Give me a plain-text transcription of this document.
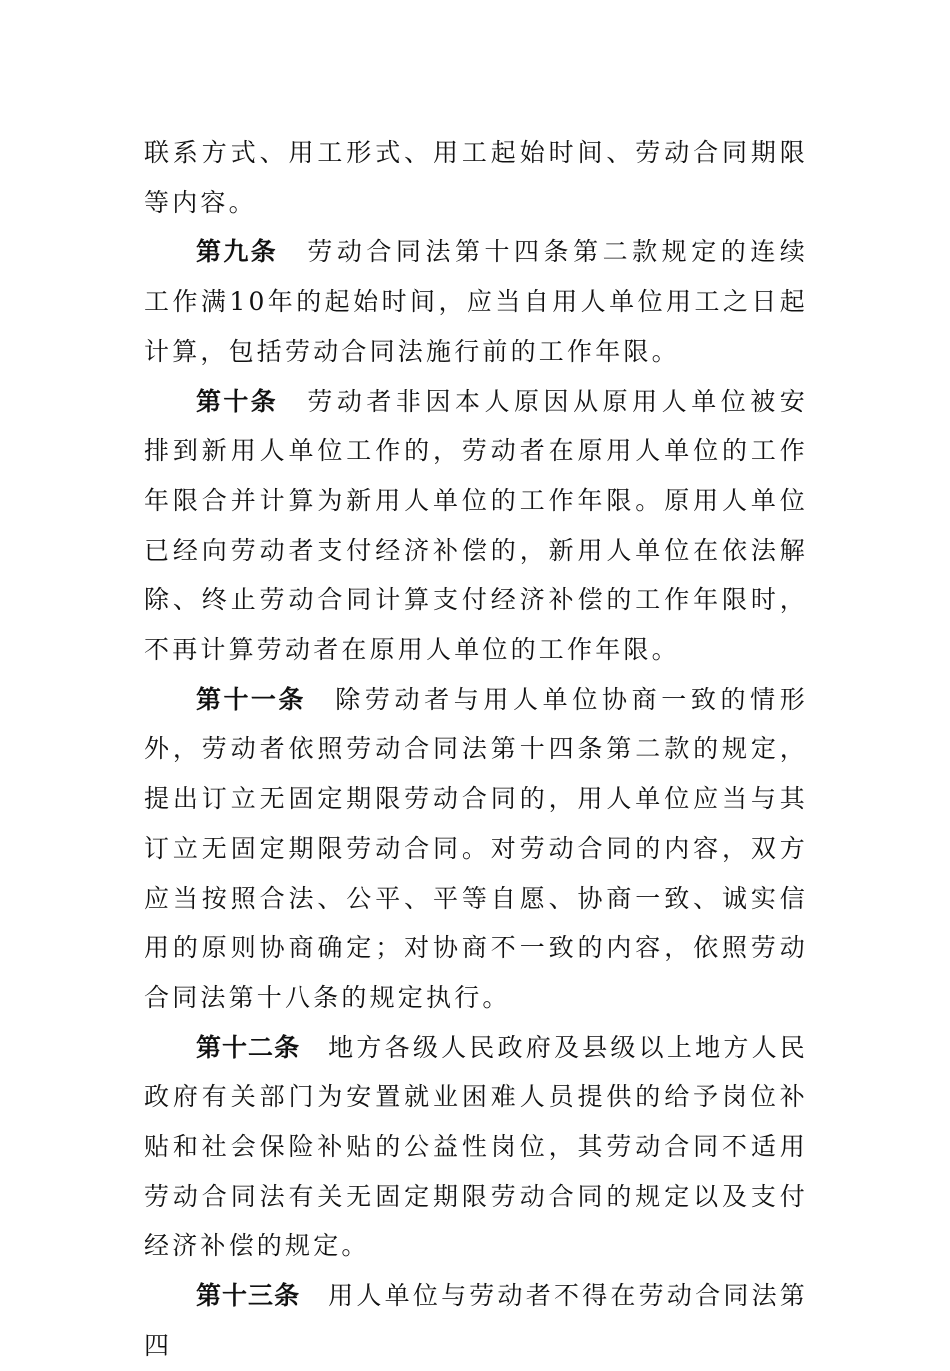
联系方式、用工形式、用工起始时间、劳动合同期限等内容。

第九条 劳动合同法第十四条第二款规定的连续工作满10年的起始时间，应当自用人单位用工之日起计算，包括劳动合同法施行前的工作年限。

第十条 劳动者非因本人原因从原用人单位被安排到新用人单位工作的，劳动者在原用人单位的工作年限合并计算为新用人单位的工作年限。原用人单位已经向劳动者支付经济补偿的，新用人单位在依法解除、终止劳动合同计算支付经济补偿的工作年限时，不再计算劳动者在原用人单位的工作年限。

第十一条 除劳动者与用人单位协商一致的情形外，劳动者依照劳动合同法第十四条第二款的规定，提出订立无固定期限劳动合同的，用人单位应当与其订立无固定期限劳动合同。对劳动合同的内容，双方应当按照合法、公平、平等自愿、协商一致、诚实信用的原则协商确定；对协商不一致的内容，依照劳动合同法第十八条的规定执行。

第十二条 地方各级人民政府及县级以上地方人民政府有关部门为安置就业困难人员提供的给予岗位补贴和社会保险补贴的公益性岗位，其劳动合同不适用劳动合同法有关无固定期限劳动合同的规定以及支付经济补偿的规定。

第十三条 用人单位与劳动者不得在劳动合同法第四
